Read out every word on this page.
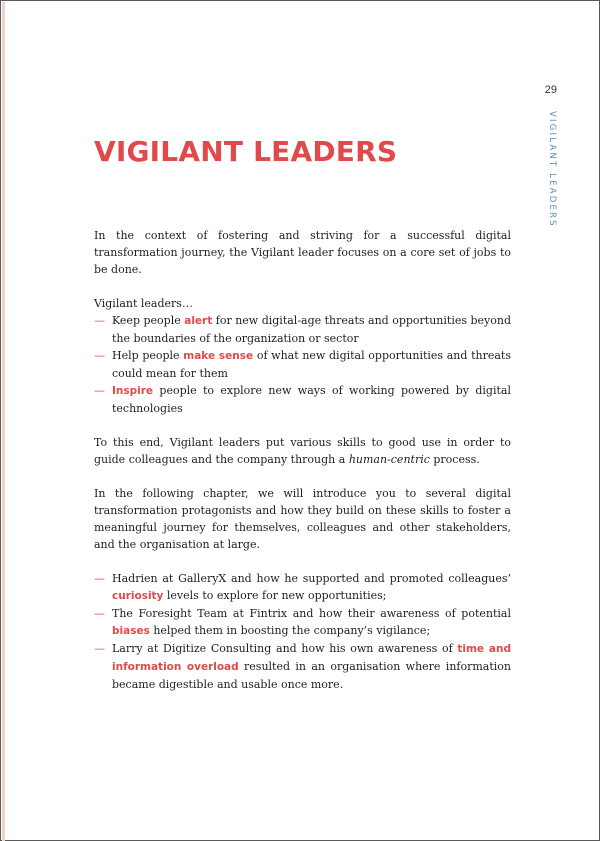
29
VIGILANT LEADERS
VIGILANT LEADERS

In the context of fostering and striving for a successful digital transformation journey, the Vigilant leader focuses on a core set of jobs to be done.

Vigilant leaders…

— Keep people alert for new digital-age threats and opportunities beyond the boundaries of the organization or sector
— Help people make sense of what new digital opportunities and threats could mean for them
— Inspire people to explore new ways of working powered by digital technologies

To this end, Vigilant leaders put various skills to good use in order to guide colleagues and the company through a human-centric process.

In the following chapter, we will introduce you to several digital transformation protagonists and how they build on these skills to foster a meaningful journey for themselves, colleagues and other stakeholders, and the organisation at large.

— Hadrien at GalleryX and how he supported and promoted colleagues’ curiosity levels to explore for new opportunities;
— The Foresight Team at Fintrix and how their awareness of potential biases helped them in boosting the company’s vigilance;
— Larry at Digitize Consulting and how his own awareness of time and information overload resulted in an organisation where information became digestible and usable once more.
